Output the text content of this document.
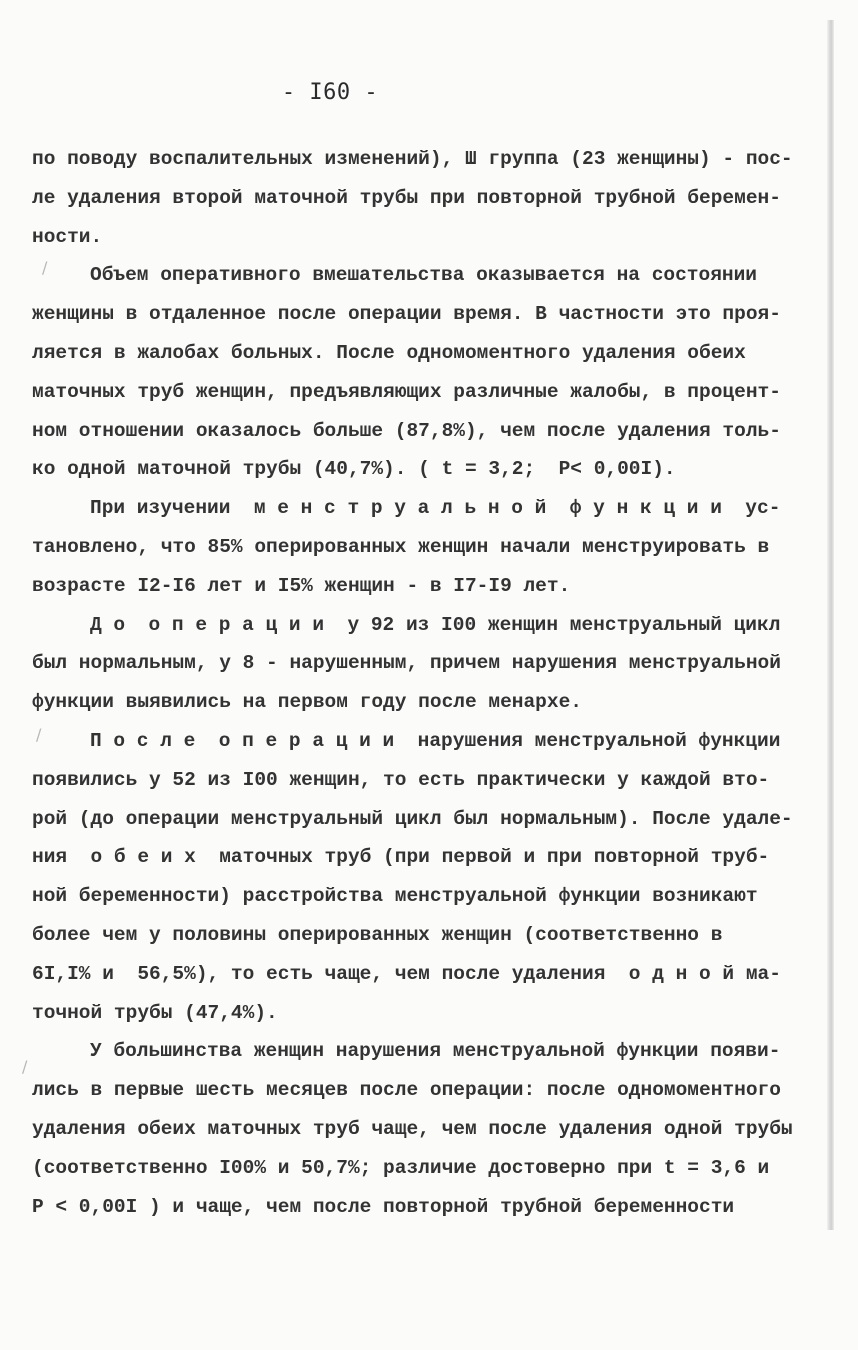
- I60 -
/
/
/
по поводу воспалительных изменений), Ш группа (23 женщины) - пос-
ле удаления второй маточной трубы при повторной трубной беремен-
ности.
Объем оперативного вмешательства оказывается на состоянии
женщины в отдаленное после операции время. В частности это проя-
ляется в жалобах больных. После одномоментного удаления обеих
маточных труб женщин, предъявляющих различные жалобы, в процент-
ном отношении оказалось больше (87,8%), чем после удаления толь-
ко одной маточной трубы (40,7%). ( t = 3,2;  P< 0,00I).
При изучении  м е н с т р у а л ь н о й  ф у н к ц и и  ус-
тановлено, что 85% оперированных женщин начали менструировать в
возрасте I2-I6 лет и I5% женщин - в I7-I9 лет.
Д о  о п е р а ц и и  у 92 из I00 женщин менструальный цикл
был нормальным, у 8 - нарушенным, причем нарушения менструальной
функции выявились на первом году после менархе.
П о с л е  о п е р а ц и и  нарушения менструальной функции
появились у 52 из I00 женщин, то есть практически у каждой вто-
рой (до операции менструальный цикл был нормальным). После удале-
ния  о б е и х  маточных труб (при первой и при повторной труб-
ной беременности) расстройства менструальной функции возникают
более чем у половины оперированных женщин (соответственно в
6I,I% и  56,5%), то есть чаще, чем после удаления  о д н о й ма-
точной трубы (47,4%).
У большинства женщин нарушения менструальной функции появи-
лись в первые шесть месяцев после операции: после одномоментного
удаления обеих маточных труб чаще, чем после удаления одной трубы
(соответственно I00% и 50,7%; различие достоверно при t = 3,6 и
P < 0,00I ) и чаще, чем после повторной трубной беременности
